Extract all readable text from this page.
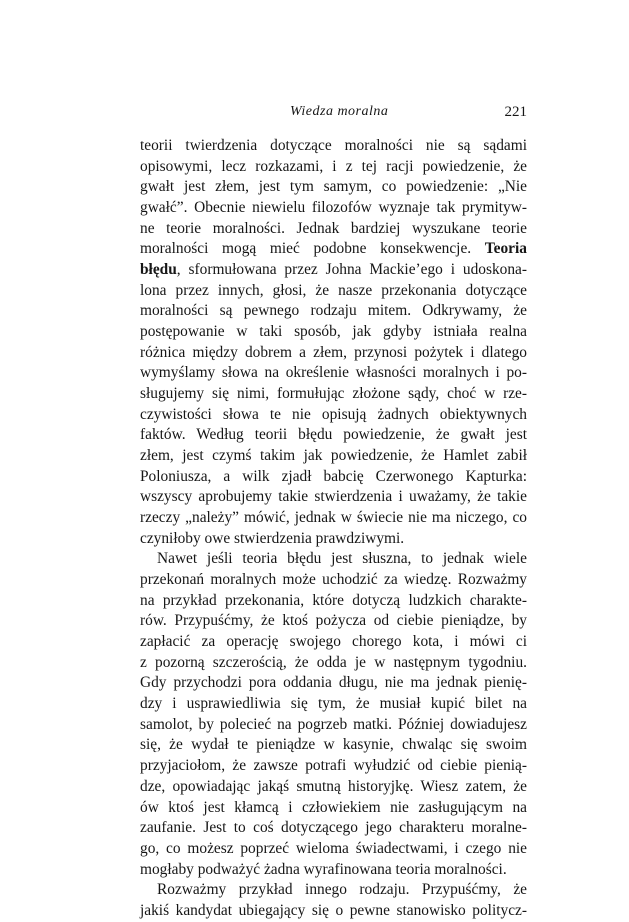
Wiedza moralna	221
teorii twierdzenia dotyczące moralności nie są sądami
opisowymi, lecz rozkazami, i z tej racji powiedzenie, że
gwałt jest złem, jest tym samym, co powiedzenie: „Nie
gwałć”. Obecnie niewielu filozofów wyznaje tak prymityw-
ne teorie moralności. Jednak bardziej wyszukane teorie
moralności mogą mieć podobne konsekwencje. Teoria
błędu, sformułowana przez Johna Mackie’ego i udoskona-
lona przez innych, głosi, że nasze przekonania dotyczące
moralności są pewnego rodzaju mitem. Odkrywamy, że
postępowanie w taki sposób, jak gdyby istniała realna
różnica między dobrem a złem, przynosi pożytek i dlatego
wymyślamy słowa na określenie własności moralnych i po-
sługujemy się nimi, formułując złożone sądy, choć w rze-
czywistości słowa te nie opisują żadnych obiektywnych
faktów. Według teorii błędu powiedzenie, że gwałt jest
złem, jest czymś takim jak powiedzenie, że Hamlet zabił
Poloniusza, a wilk zjadł babcię Czerwonego Kapturka:
wszyscy aprobujemy takie stwierdzenia i uważamy, że takie
rzeczy „należy” mówić, jednak w świecie nie ma niczego, co
czyniłoby owe stwierdzenia prawdziwymi.
Nawet jeśli teoria błędu jest słuszna, to jednak wiele
przekonań moralnych może uchodzić za wiedzę. Rozważmy
na przykład przekonania, które dotyczą ludzkich charakte-
rów. Przypuśćmy, że ktoś pożycza od ciebie pieniądze, by
zapłacić za operację swojego chorego kota, i mówi ci
z pozorną szczerością, że odda je w następnym tygodniu.
Gdy przychodzi pora oddania długu, nie ma jednak pienię-
dzy i usprawiedliwia się tym, że musiał kupić bilet na
samolot, by polecieć na pogrzeb matki. Później dowiadujesz
się, że wydał te pieniądze w kasynie, chwaląc się swoim
przyjaciołom, że zawsze potrafi wyłudzić od ciebie pienią-
dze, opowiadając jakąś smutną historyjkę. Wiesz zatem, że
ów ktoś jest kłamcą i człowiekiem nie zasługującym na
zaufanie. Jest to coś dotyczącego jego charakteru moralne-
go, co możesz poprzeć wieloma świadectwami, i czego nie
mogłaby podważyć żadna wyrafinowana teoria moralności.
Rozważmy przykład innego rodzaju. Przypuśćmy, że
jakiś kandydat ubiegający się o pewne stanowisko politycz-
